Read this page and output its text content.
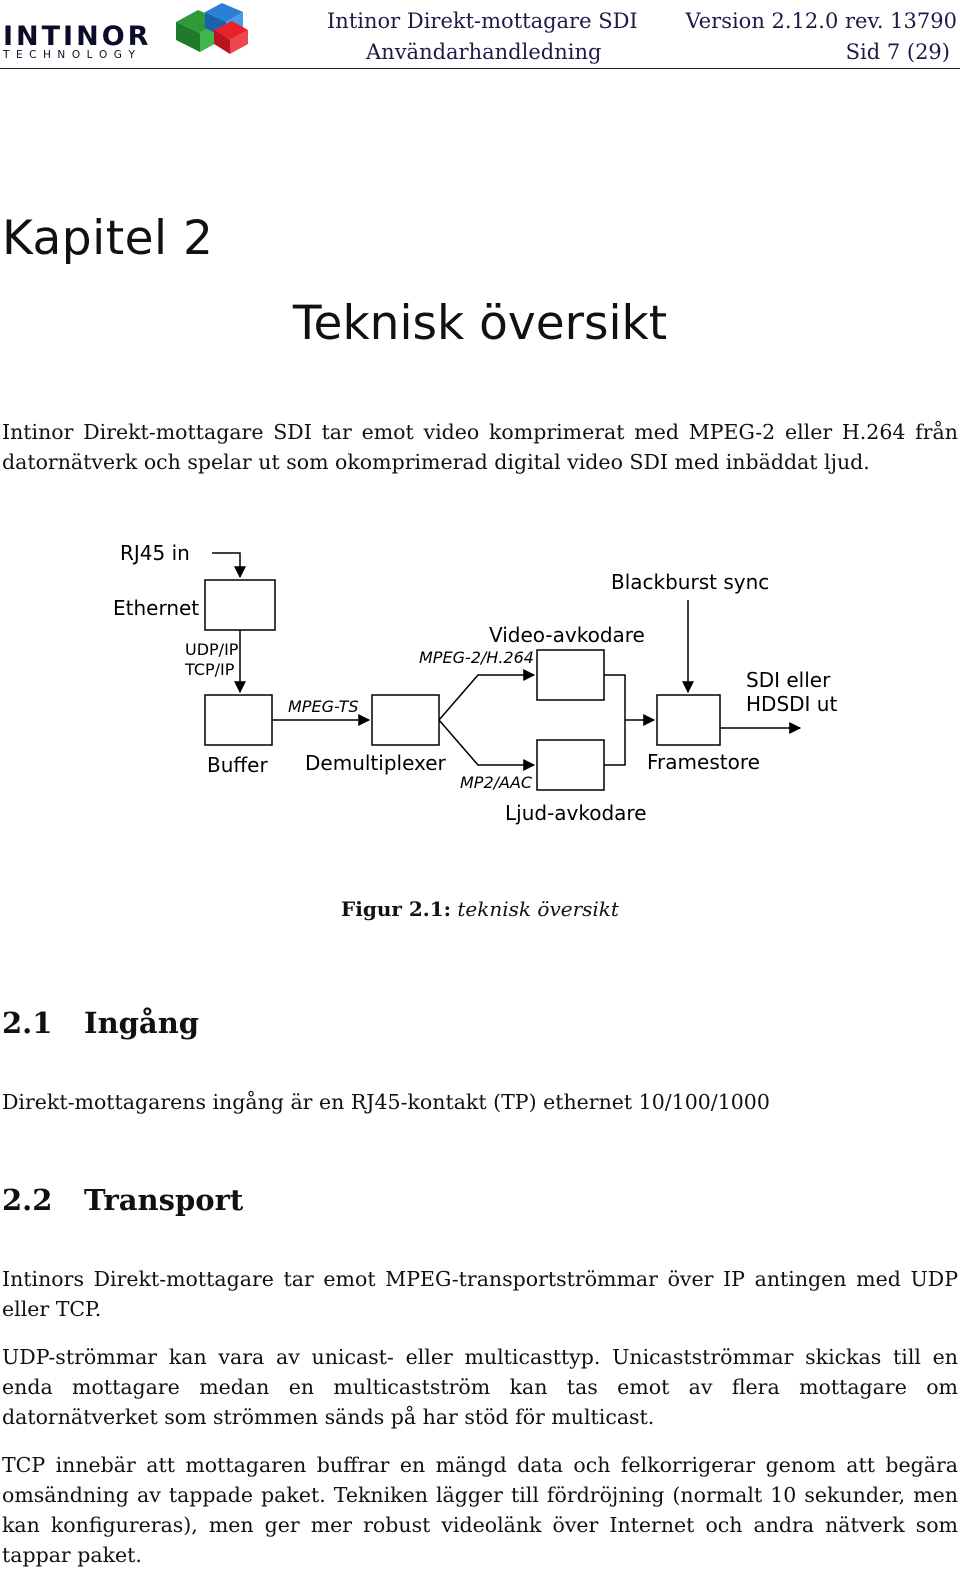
INTINOR
T E C H N O L O G Y
Intinor Direkt-mottagare SDI Version 2.12.0 rev. 13790
Användarhandledning	Sid 7 (29)
Kapitel 2
Teknisk översikt
Intinor Direkt-mottagare SDI tar emot video komprimerat med MPEG-2 eller H.264 från datornätverk och spelar ut som okomprimerad digital video SDI med inbäddat ljud.
RJ45 in
Ethernet
UDP/IP
TCP/IP
MPEG-TS
Buffer Demultiplexer
Video-avkodare
MPEG-2/H.264
MP2/AAC
Ljud-avkodare
Blackburst sync
Framestore
SDI eller
HDSDI ut
Figur 2.1: teknisk översikt
2.1 Ingång
Direkt-mottagarens ingång är en RJ45-kontakt (TP) ethernet 10/100/1000
2.2 Transport
Intinors Direkt-mottagare tar emot MPEG-transportströmmar över IP antingen med UDP eller TCP.
UDP-strömmar kan vara av unicast- eller multicasttyp. Unicastströmmar skickas till en enda mottagare medan en multicastström kan tas emot av flera mottagare om datornätverket som strömmen sänds på har stöd för multicast.
TCP innebär att mottagaren buffrar en mängd data och felkorrigerar genom att begära omsändning av tappade paket. Tekniken lägger till fördröjning (normalt 10 sekunder, men kan konfigureras), men ger mer robust videolänk över Internet och andra nätverk som tappar paket.
